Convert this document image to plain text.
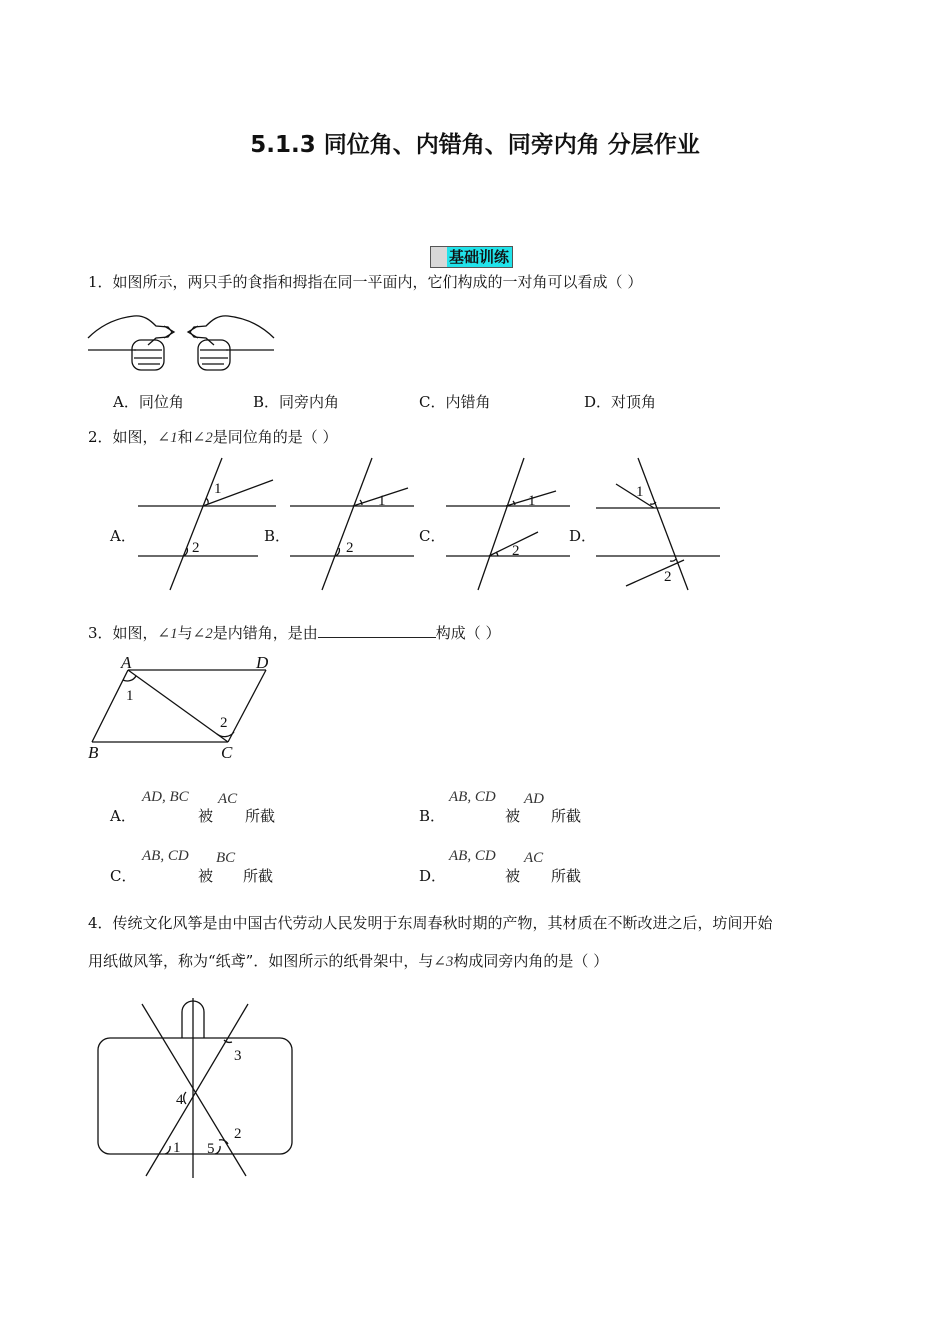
5.1.3 同位角、内错角、同旁内角 分层作业
基础训练
1．如图所示，两只手的食指和拇指在同一平面内，它们构成的一对角可以看成（ ）
A．同位角	B．同旁内角	C．内错角	D．对顶角
2．如图，∠1和∠2是同位角的是（ ）
A．	B．	C．	D．
1
2
1
2
1
2
1
2
3．如图，∠1与∠2是内错角，是由	构成（ ）
A	D
B	C
1
2
A．
AD, BC
被
AC
所截	B．
AB, CD
被
AD
所截
C．
AB, CD
被
BC
所截	D．
AB, CD
被
AC
所截
4．传统文化风筝是由中国古代劳动人民发明于东周春秋时期的产物，其材质在不断改进之后，坊间开始
用纸做风筝，称为“纸鸢”．如图所示的纸骨架中，与∠3构成同旁内角的是（ ）
3
4
1 5
2
